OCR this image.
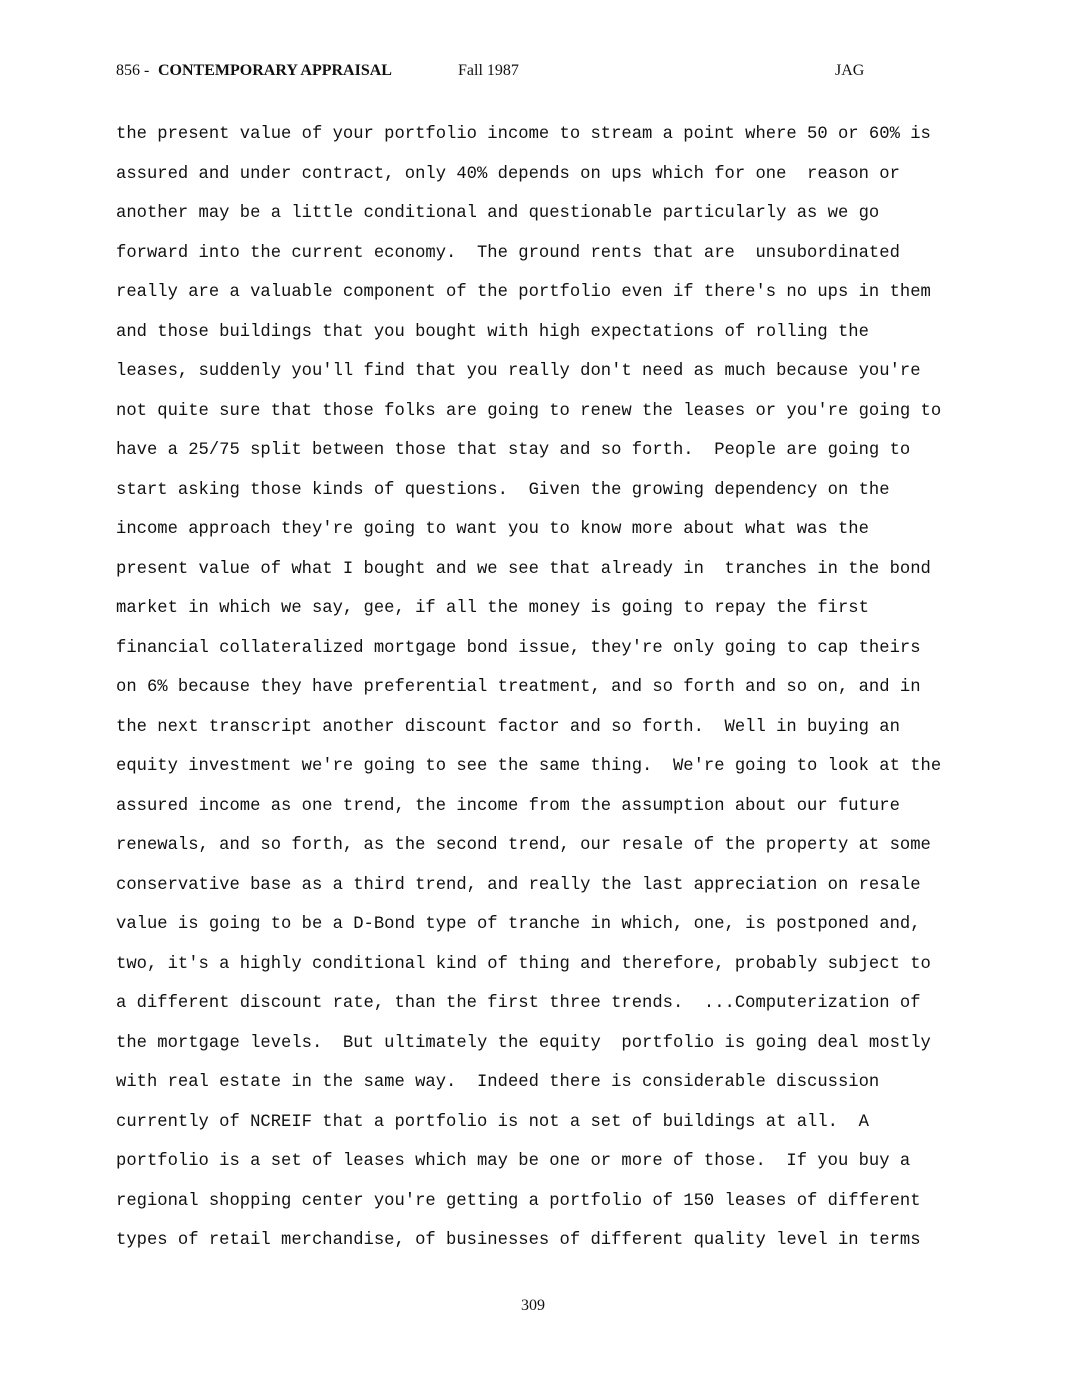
856 - CONTEMPORARY APPRAISAL	Fall 1987	JAG
the present value of your portfolio income to stream a point where 50 or 60% is
assured and under contract, only 40% depends on ups which for one  reason or
another may be a little conditional and questionable particularly as we go
forward into the current economy.  The ground rents that are  unsubordinated
really are a valuable component of the portfolio even if there's no ups in them
and those buildings that you bought with high expectations of rolling the
leases, suddenly you'll find that you really don't need as much because you're
not quite sure that those folks are going to renew the leases or you're going to
have a 25/75 split between those that stay and so forth.  People are going to
start asking those kinds of questions.  Given the growing dependency on the
income approach they're going to want you to know more about what was the
present value of what I bought and we see that already in  tranches in the bond
market in which we say, gee, if all the money is going to repay the first
financial collateralized mortgage bond issue, they're only going to cap theirs
on 6% because they have preferential treatment, and so forth and so on, and in
the next transcript another discount factor and so forth.  Well in buying an
equity investment we're going to see the same thing.  We're going to look at the
assured income as one trend, the income from the assumption about our future
renewals, and so forth, as the second trend, our resale of the property at some
conservative base as a third trend, and really the last appreciation on resale
value is going to be a D-Bond type of tranche in which, one, is postponed and,
two, it's a highly conditional kind of thing and therefore, probably subject to
a different discount rate, than the first three trends.  ...Computerization of
the mortgage levels.  But ultimately the equity  portfolio is going deal mostly
with real estate in the same way.  Indeed there is considerable discussion
currently of NCREIF that a portfolio is not a set of buildings at all.  A
portfolio is a set of leases which may be one or more of those.  If you buy a
regional shopping center you're getting a portfolio of 150 leases of different
types of retail merchandise, of businesses of different quality level in terms
309
